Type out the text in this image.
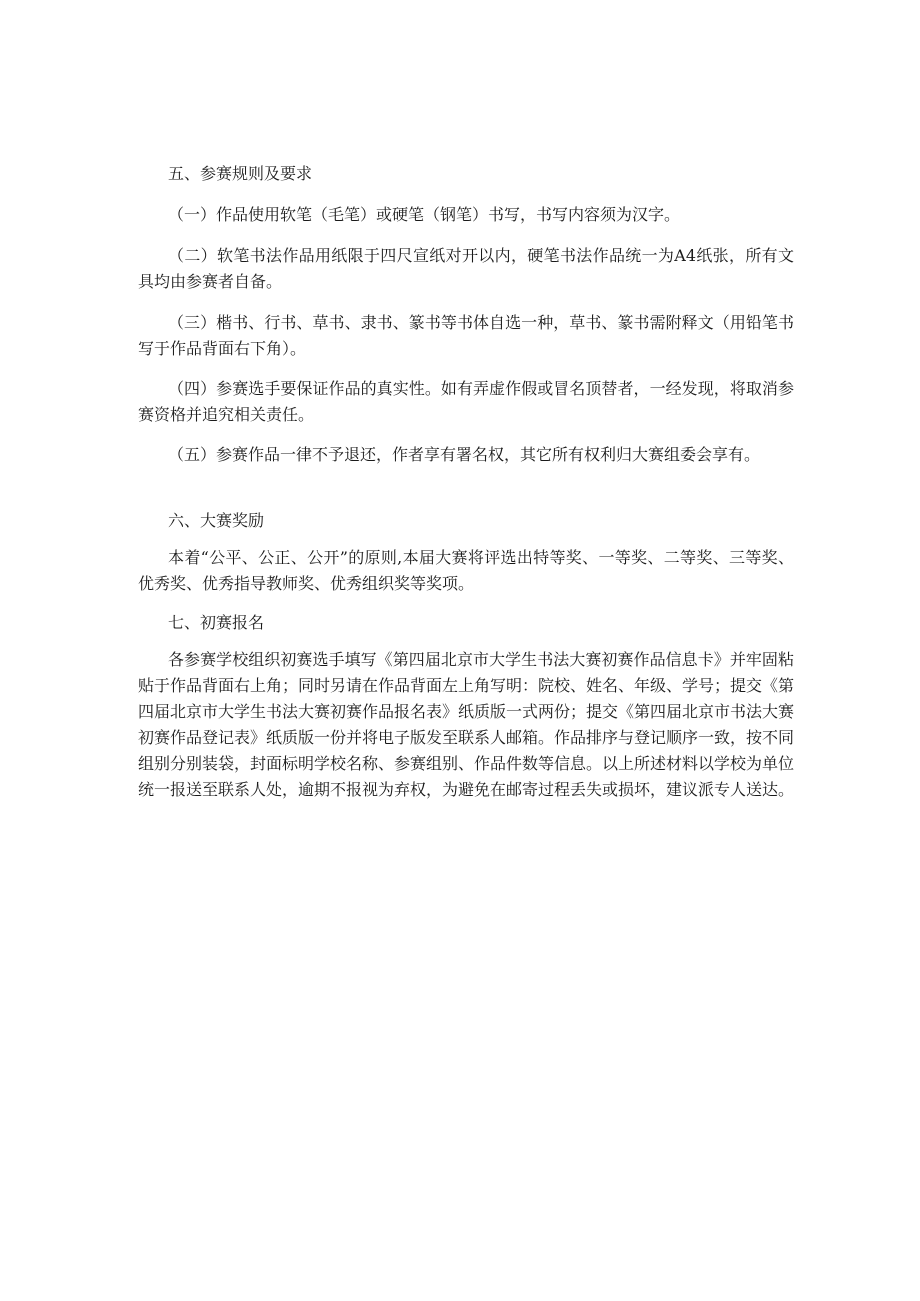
五、参赛规则及要求

（一）作品使用软笔（毛笔）或硬笔（钢笔）书写，书写内容须为汉字。

（二）软笔书法作品用纸限于四尺宣纸对开以内，硬笔书法作品统一为A4纸张，所有文具均由参赛者自备。

（三）楷书、行书、草书、隶书、篆书等书体自选一种，草书、篆书需附释文（用铅笔书写于作品背面右下角）。

（四）参赛选手要保证作品的真实性。如有弄虚作假或冒名顶替者，一经发现，将取消参赛资格并追究相关责任。

（五）参赛作品一律不予退还，作者享有署名权，其它所有权利归大赛组委会享有。

六、大赛奖励

本着“公平、公正、公开”的原则,本届大赛将评选出特等奖、一等奖、二等奖、三等奖、优秀奖、优秀指导教师奖、优秀组织奖等奖项。

七、初赛报名

各参赛学校组织初赛选手填写《第四届北京市大学生书法大赛初赛作品信息卡》并牢固粘贴于作品背面右上角；同时另请在作品背面左上角写明：院校、姓名、年级、学号；提交《第四届北京市大学生书法大赛初赛作品报名表》纸质版一式两份；提交《第四届北京市书法大赛初赛作品登记表》纸质版一份并将电子版发至联系人邮箱。作品排序与登记顺序一致，按不同组别分别装袋，封面标明学校名称、参赛组别、作品件数等信息。以上所述材料以学校为单位统一报送至联系人处，逾期不报视为弃权，为避免在邮寄过程丢失或损坏，建议派专人送达。
